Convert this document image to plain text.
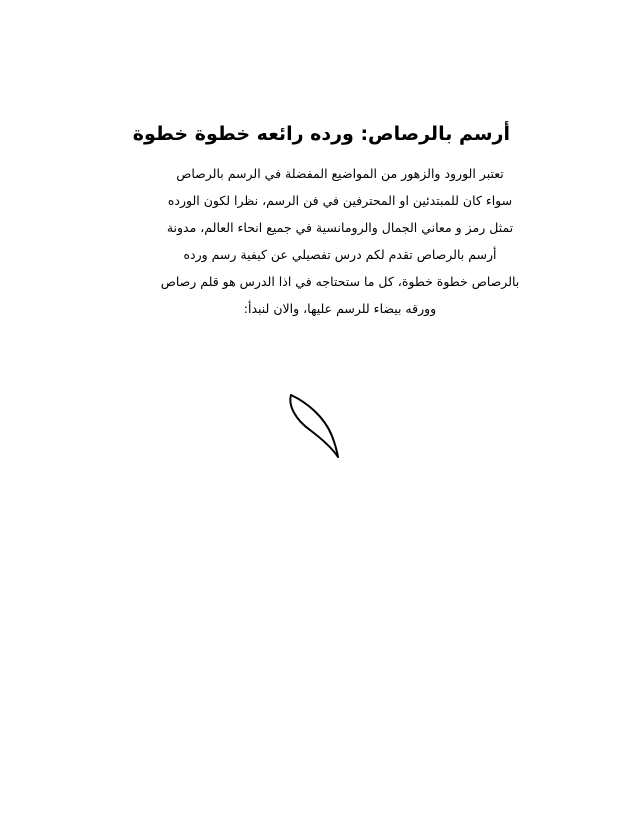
أرسم بالرصاص: ورده رائعه خطوة خطوة
تعتبر الورود والزهور من المواضيع المفضلة في الرسم بالرصاص
سواء كان للمبتدئين او المحترفين في فن الرسم، نظرا لكون الورده
تمثل رمز و معاني الجمال والرومانسية في جميع انحاء العالم، مدونة
أرسم بالرصاص تقدم لكم درس تفصيلي عن كيفية رسم ورده
بالرصاص خطوة خطوة، كل ما ستحتاجه في اذا الدرس هو قلم رصاص
وورقه بيضاء للرسم عليها، والان لنبدأ:
